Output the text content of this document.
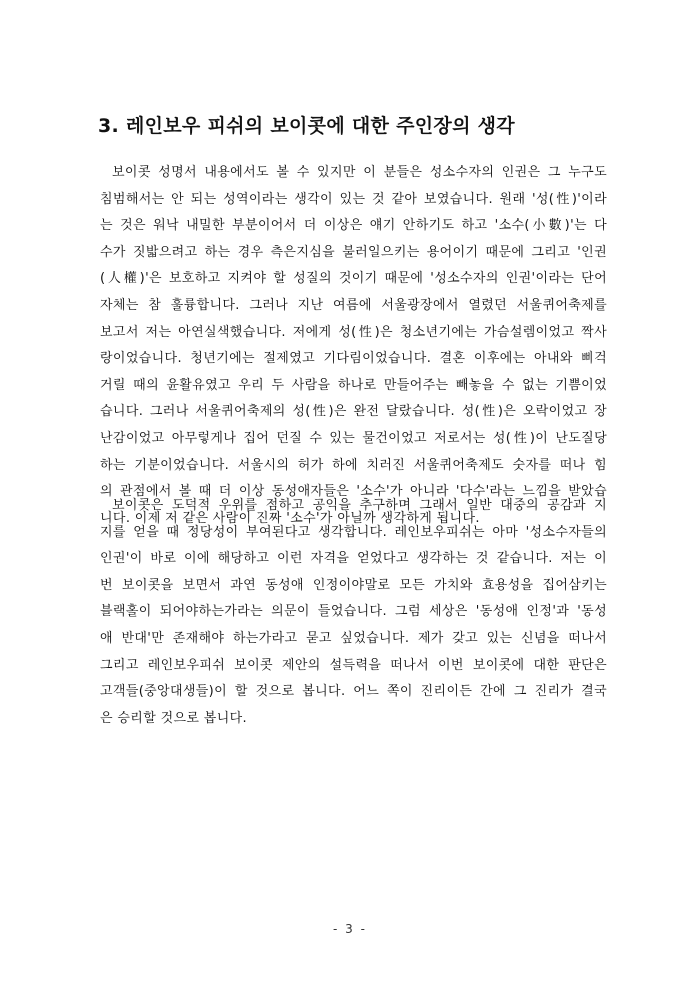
3. 레인보우 피쉬의 보이콧에 대한 주인장의 생각
보이콧 성명서 내용에서도 볼 수 있지만 이 분들은 성소수자의 인권은 그 누구도
침범해서는 안 되는 성역이라는 생각이 있는 것 같아 보였습니다. 원래 '성(性)'이라
는 것은 워낙 내밀한 부분이어서 더 이상은 얘기 안하기도 하고 '소수(小數)'는 다
수가 짓밟으려고 하는 경우 측은지심을 불러일으키는 용어이기 때문에 그리고 '인권
(人權)'은 보호하고 지켜야 할 성질의 것이기 때문에 '성소수자의 인권'이라는 단어
자체는 참 훌륭합니다. 그러나 지난 여름에 서울광장에서 열렸던 서울퀴어축제를
보고서 저는 아연실색했습니다. 저에게 성(性)은 청소년기에는 가슴설렘이었고 짝사
랑이었습니다. 청년기에는 절제였고 기다림이었습니다. 결혼 이후에는 아내와 삐걱
거릴 때의 윤활유였고 우리 두 사람을 하나로 만들어주는 빼놓을 수 없는 기쁨이었
습니다. 그러나 서울퀴어축제의 성(性)은 완전 달랐습니다. 성(性)은 오락이었고 장
난감이었고 아무렇게나 집어 던질 수 있는 물건이었고 저로서는 성(性)이 난도질당
하는 기분이었습니다. 서울시의 허가 하에 치러진 서울퀴어축제도 숫자를 떠나 힘
의 관점에서 볼 때 더 이상 동성애자들은 '소수'가 아니라 '다수'라는 느낌을 받았습
니다. 이제 저 같은 사람이 진짜 '소수'가 아닐까 생각하게 됩니다.
보이콧은 도덕적 우위를 점하고 공익을 추구하며 그래서 일반 대중의 공감과 지
지를 얻을 때 정당성이 부여된다고 생각합니다. 레인보우피쉬는 아마 '성소수자들의
인권'이 바로 이에 해당하고 이런 자격을 얻었다고 생각하는 것 같습니다. 저는 이
번 보이콧을 보면서 과연 동성애 인정이야말로 모든 가치와 효용성을 집어삼키는
블랙홀이 되어야하는가라는 의문이 들었습니다. 그럼 세상은 '동성애 인정'과 '동성
애 반대'만 존재해야 하는가라고 묻고 싶었습니다. 제가 갖고 있는 신념을 떠나서
그리고 레인보우피쉬 보이콧 제안의 설득력을 떠나서 이번 보이콧에 대한 판단은
고객들(중앙대생들)이 할 것으로 봅니다. 어느 쪽이 진리이든 간에 그 진리가 결국
은 승리할 것으로 봅니다.
- 3 -
